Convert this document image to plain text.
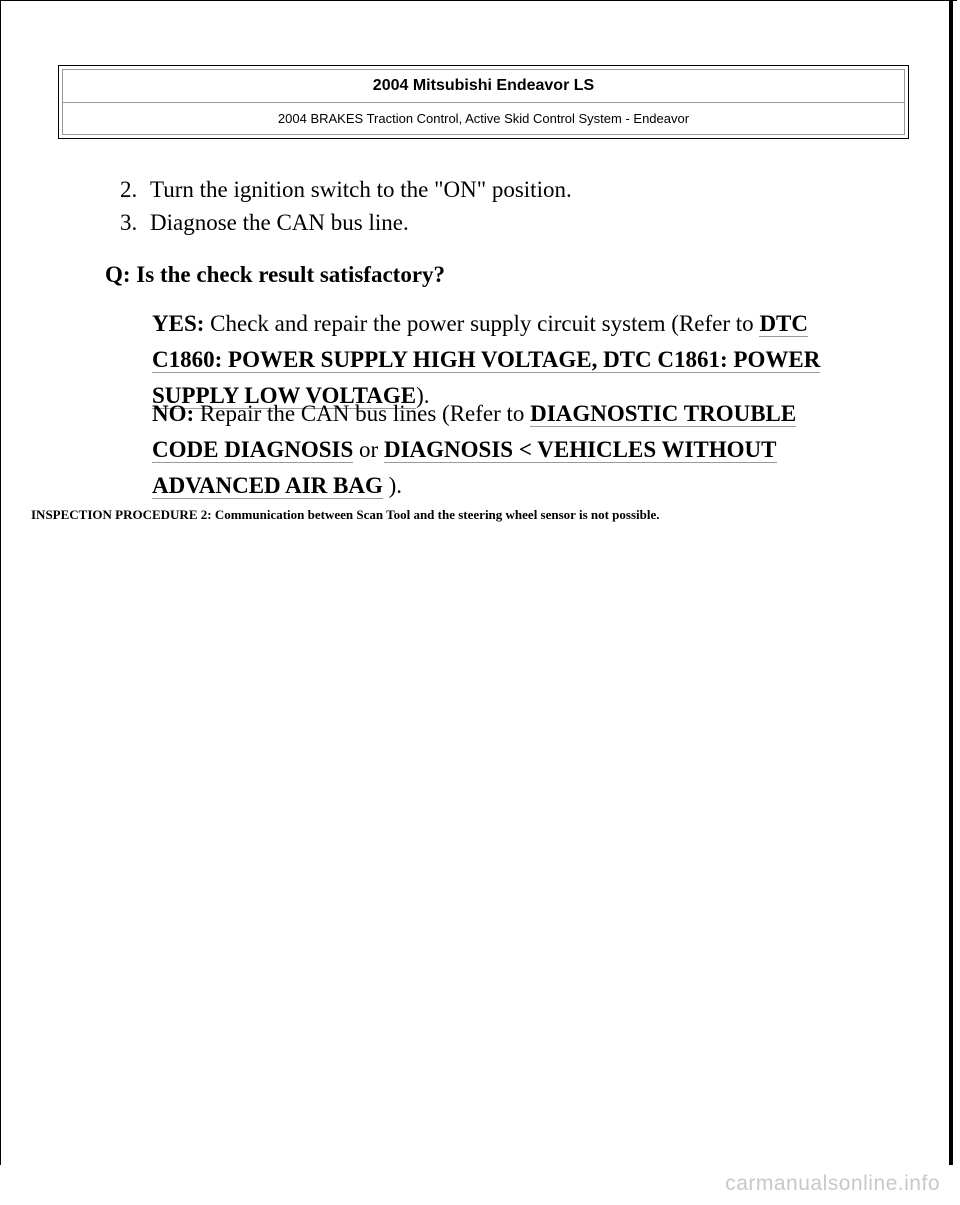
2004 Mitsubishi Endeavor LS
2004 BRAKES Traction Control, Active Skid Control System - Endeavor
2. Turn the ignition switch to the "ON" position.
3. Diagnose the CAN bus line.
Q: Is the check result satisfactory?
YES: Check and repair the power supply circuit system (Refer to DTC
C1860: POWER SUPPLY HIGH VOLTAGE, DTC C1861: POWER
SUPPLY LOW VOLTAGE).
NO: Repair the CAN bus lines (Refer to DIAGNOSTIC TROUBLE
CODE DIAGNOSIS or DIAGNOSIS < VEHICLES WITHOUT
ADVANCED AIR BAG ).
INSPECTION PROCEDURE 2: Communication between Scan Tool and the steering wheel sensor is not possible.
carmanualsonline.info
